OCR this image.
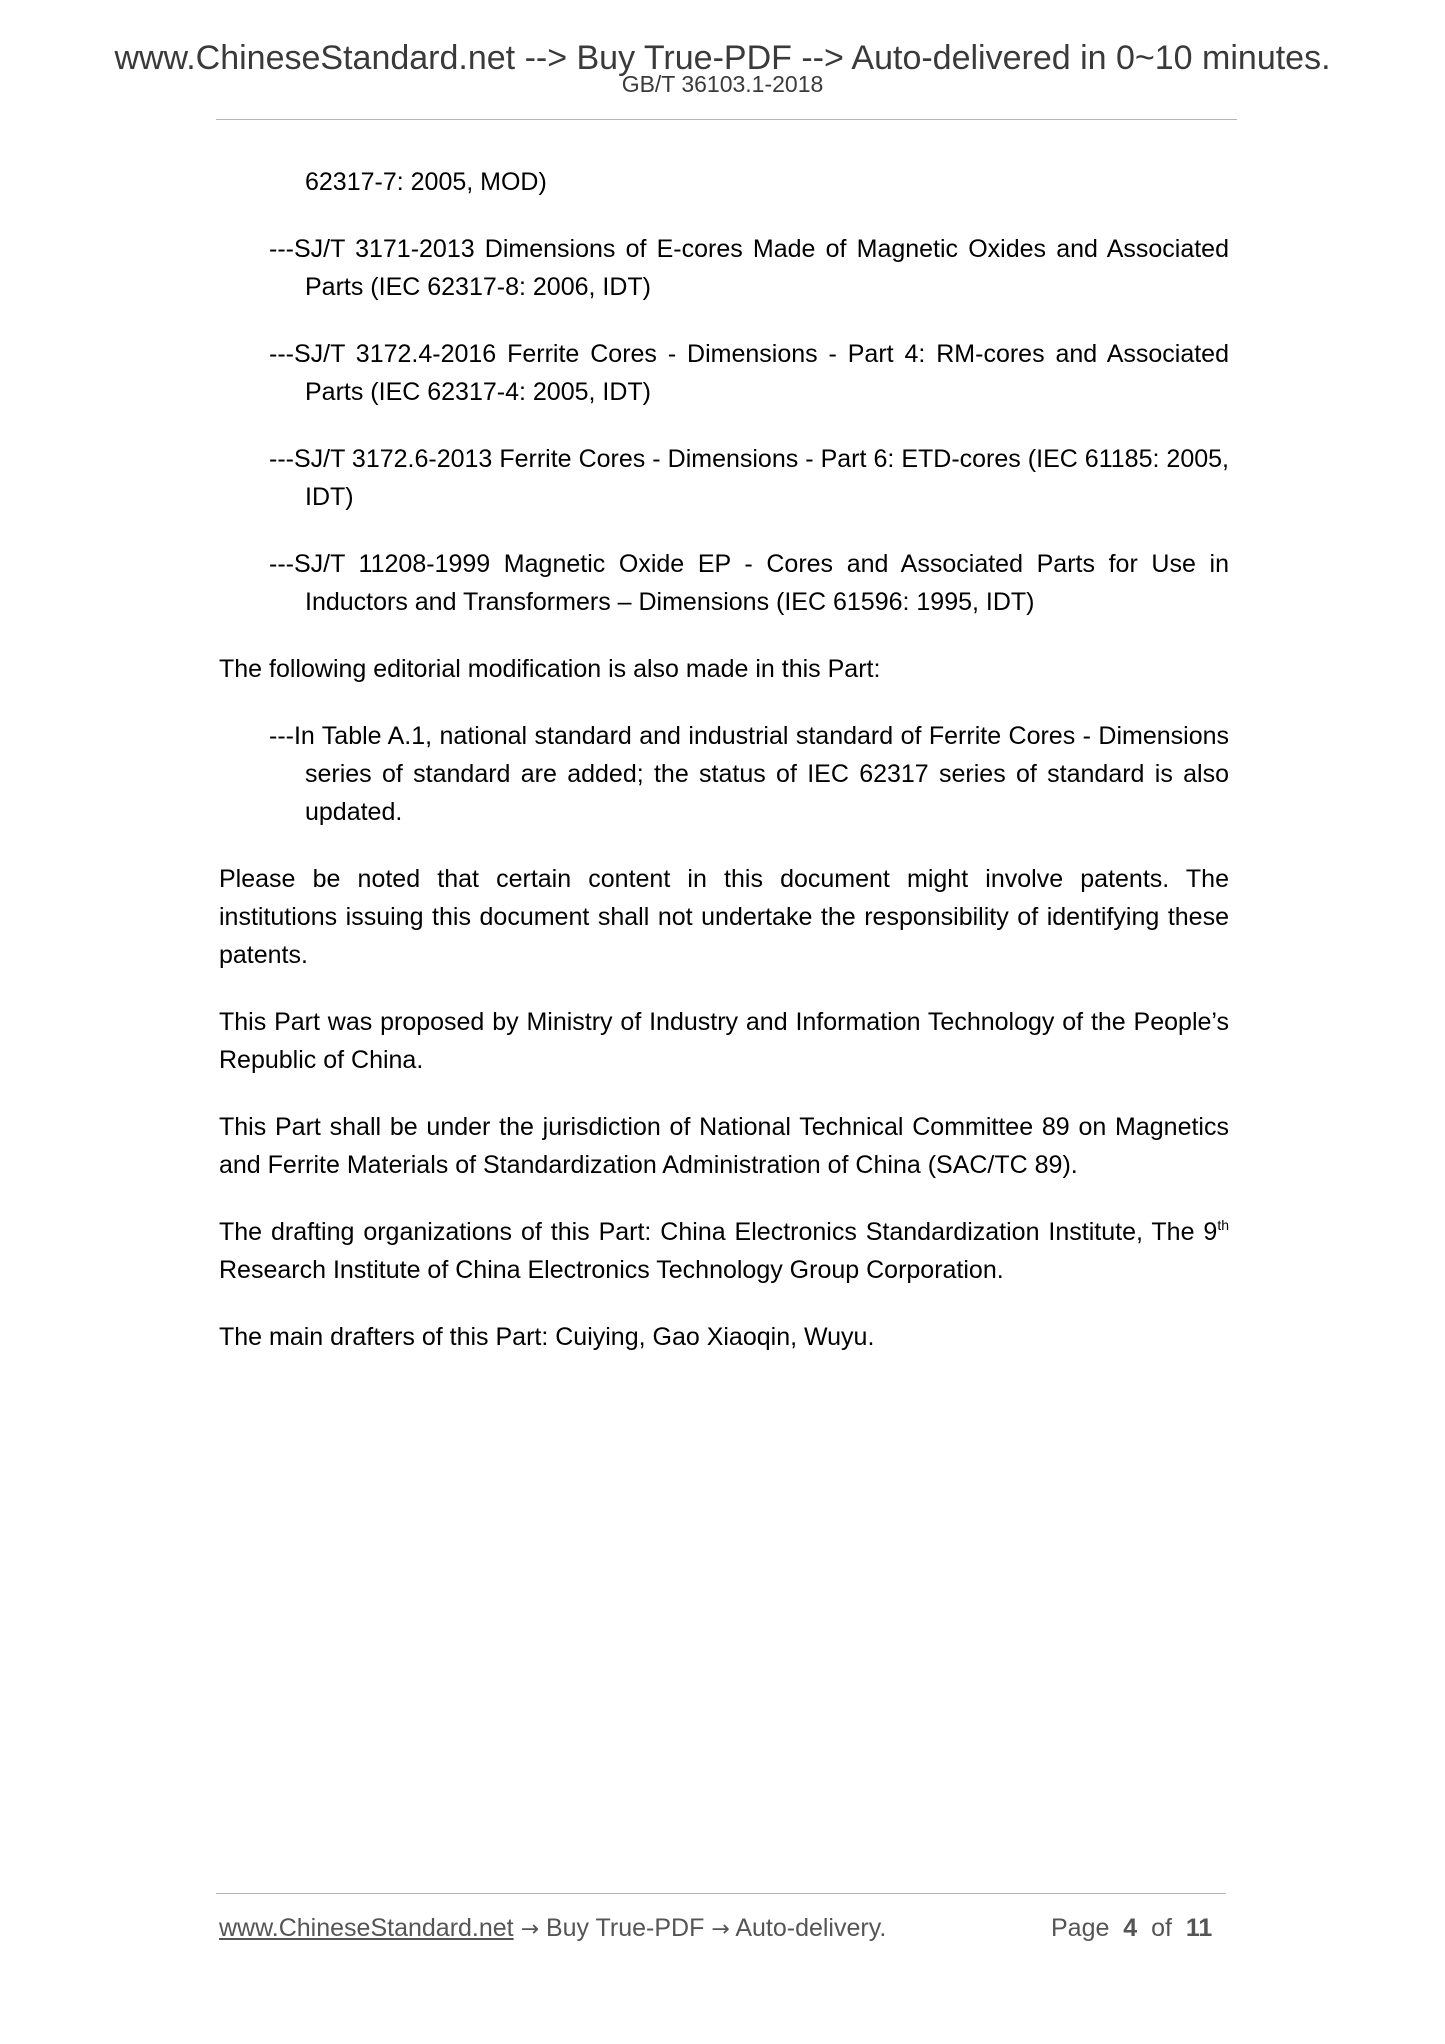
www.ChineseStandard.net --> Buy True-PDF --> Auto-delivered in 0~10 minutes.
GB/T 36103.1-2018

62317-7: 2005, MOD)

---SJ/T 3171-2013 Dimensions of E-cores Made of Magnetic Oxides and Associated Parts (IEC 62317-8: 2006, IDT)

---SJ/T 3172.4-2016 Ferrite Cores - Dimensions - Part 4: RM-cores and Associated Parts (IEC 62317-4: 2005, IDT)

---SJ/T 3172.6-2013 Ferrite Cores - Dimensions - Part 6: ETD-cores (IEC 61185: 2005, IDT)

---SJ/T 11208-1999 Magnetic Oxide EP - Cores and Associated Parts for Use in Inductors and Transformers – Dimensions (IEC 61596: 1995, IDT)

The following editorial modification is also made in this Part:

---In Table A.1, national standard and industrial standard of Ferrite Cores - Dimensions series of standard are added; the status of IEC 62317 series of standard is also updated.

Please be noted that certain content in this document might involve patents. The institutions issuing this document shall not undertake the responsibility of identifying these patents.

This Part was proposed by Ministry of Industry and Information Technology of the People’s Republic of China.

This Part shall be under the jurisdiction of National Technical Committee 89 on Magnetics and Ferrite Materials of Standardization Administration of China (SAC/TC 89).

The drafting organizations of this Part: China Electronics Standardization Institute, The 9th Research Institute of China Electronics Technology Group Corporation.

The main drafters of this Part: Cuiying, Gao Xiaoqin, Wuyu.

www.ChineseStandard.net → Buy True-PDF → Auto-delivery.	Page 4 of 11
